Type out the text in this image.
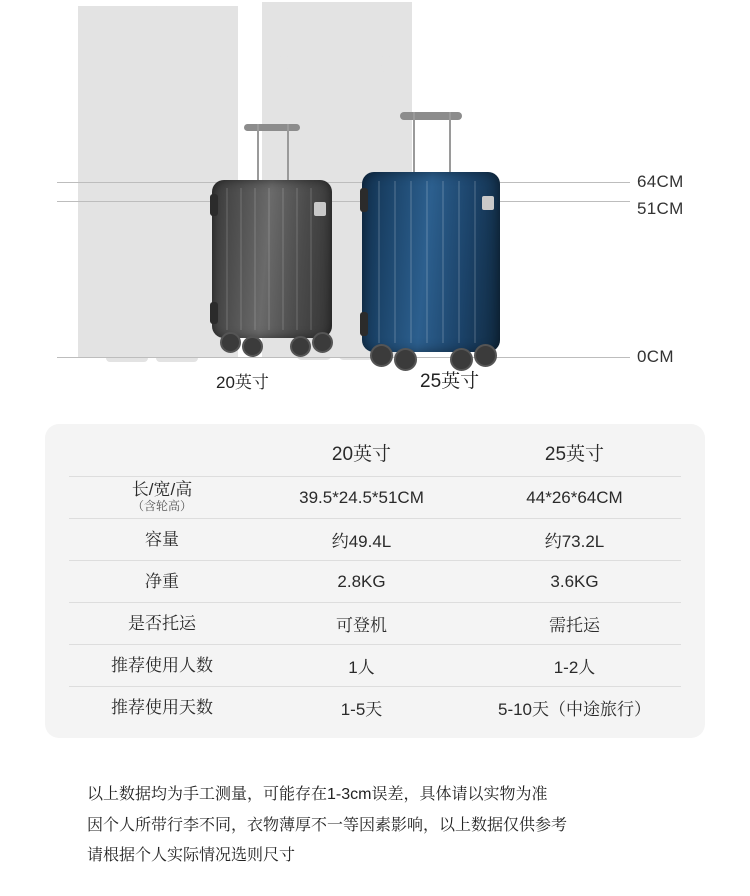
64CM
51CM
0CM
20英寸	25英寸
	20英寸	25英寸

长/宽/高
（含轮高）	39.5*24.5*51CM	44*26*64CM

容量	约49.4L	约73.2L

净重	2.8KG	3.6KG

是否托运	可登机	需托运

推荐使用人数	1人	1-2人

推荐使用天数	1-5天	5-10天（中途旅行）

以上数据均为手工测量，可能存在1-3cm误差，具体请以实物为准

因个人所带行李不同，衣物薄厚不一等因素影响，以上数据仅供参考

请根据个人实际情况选则尺寸
